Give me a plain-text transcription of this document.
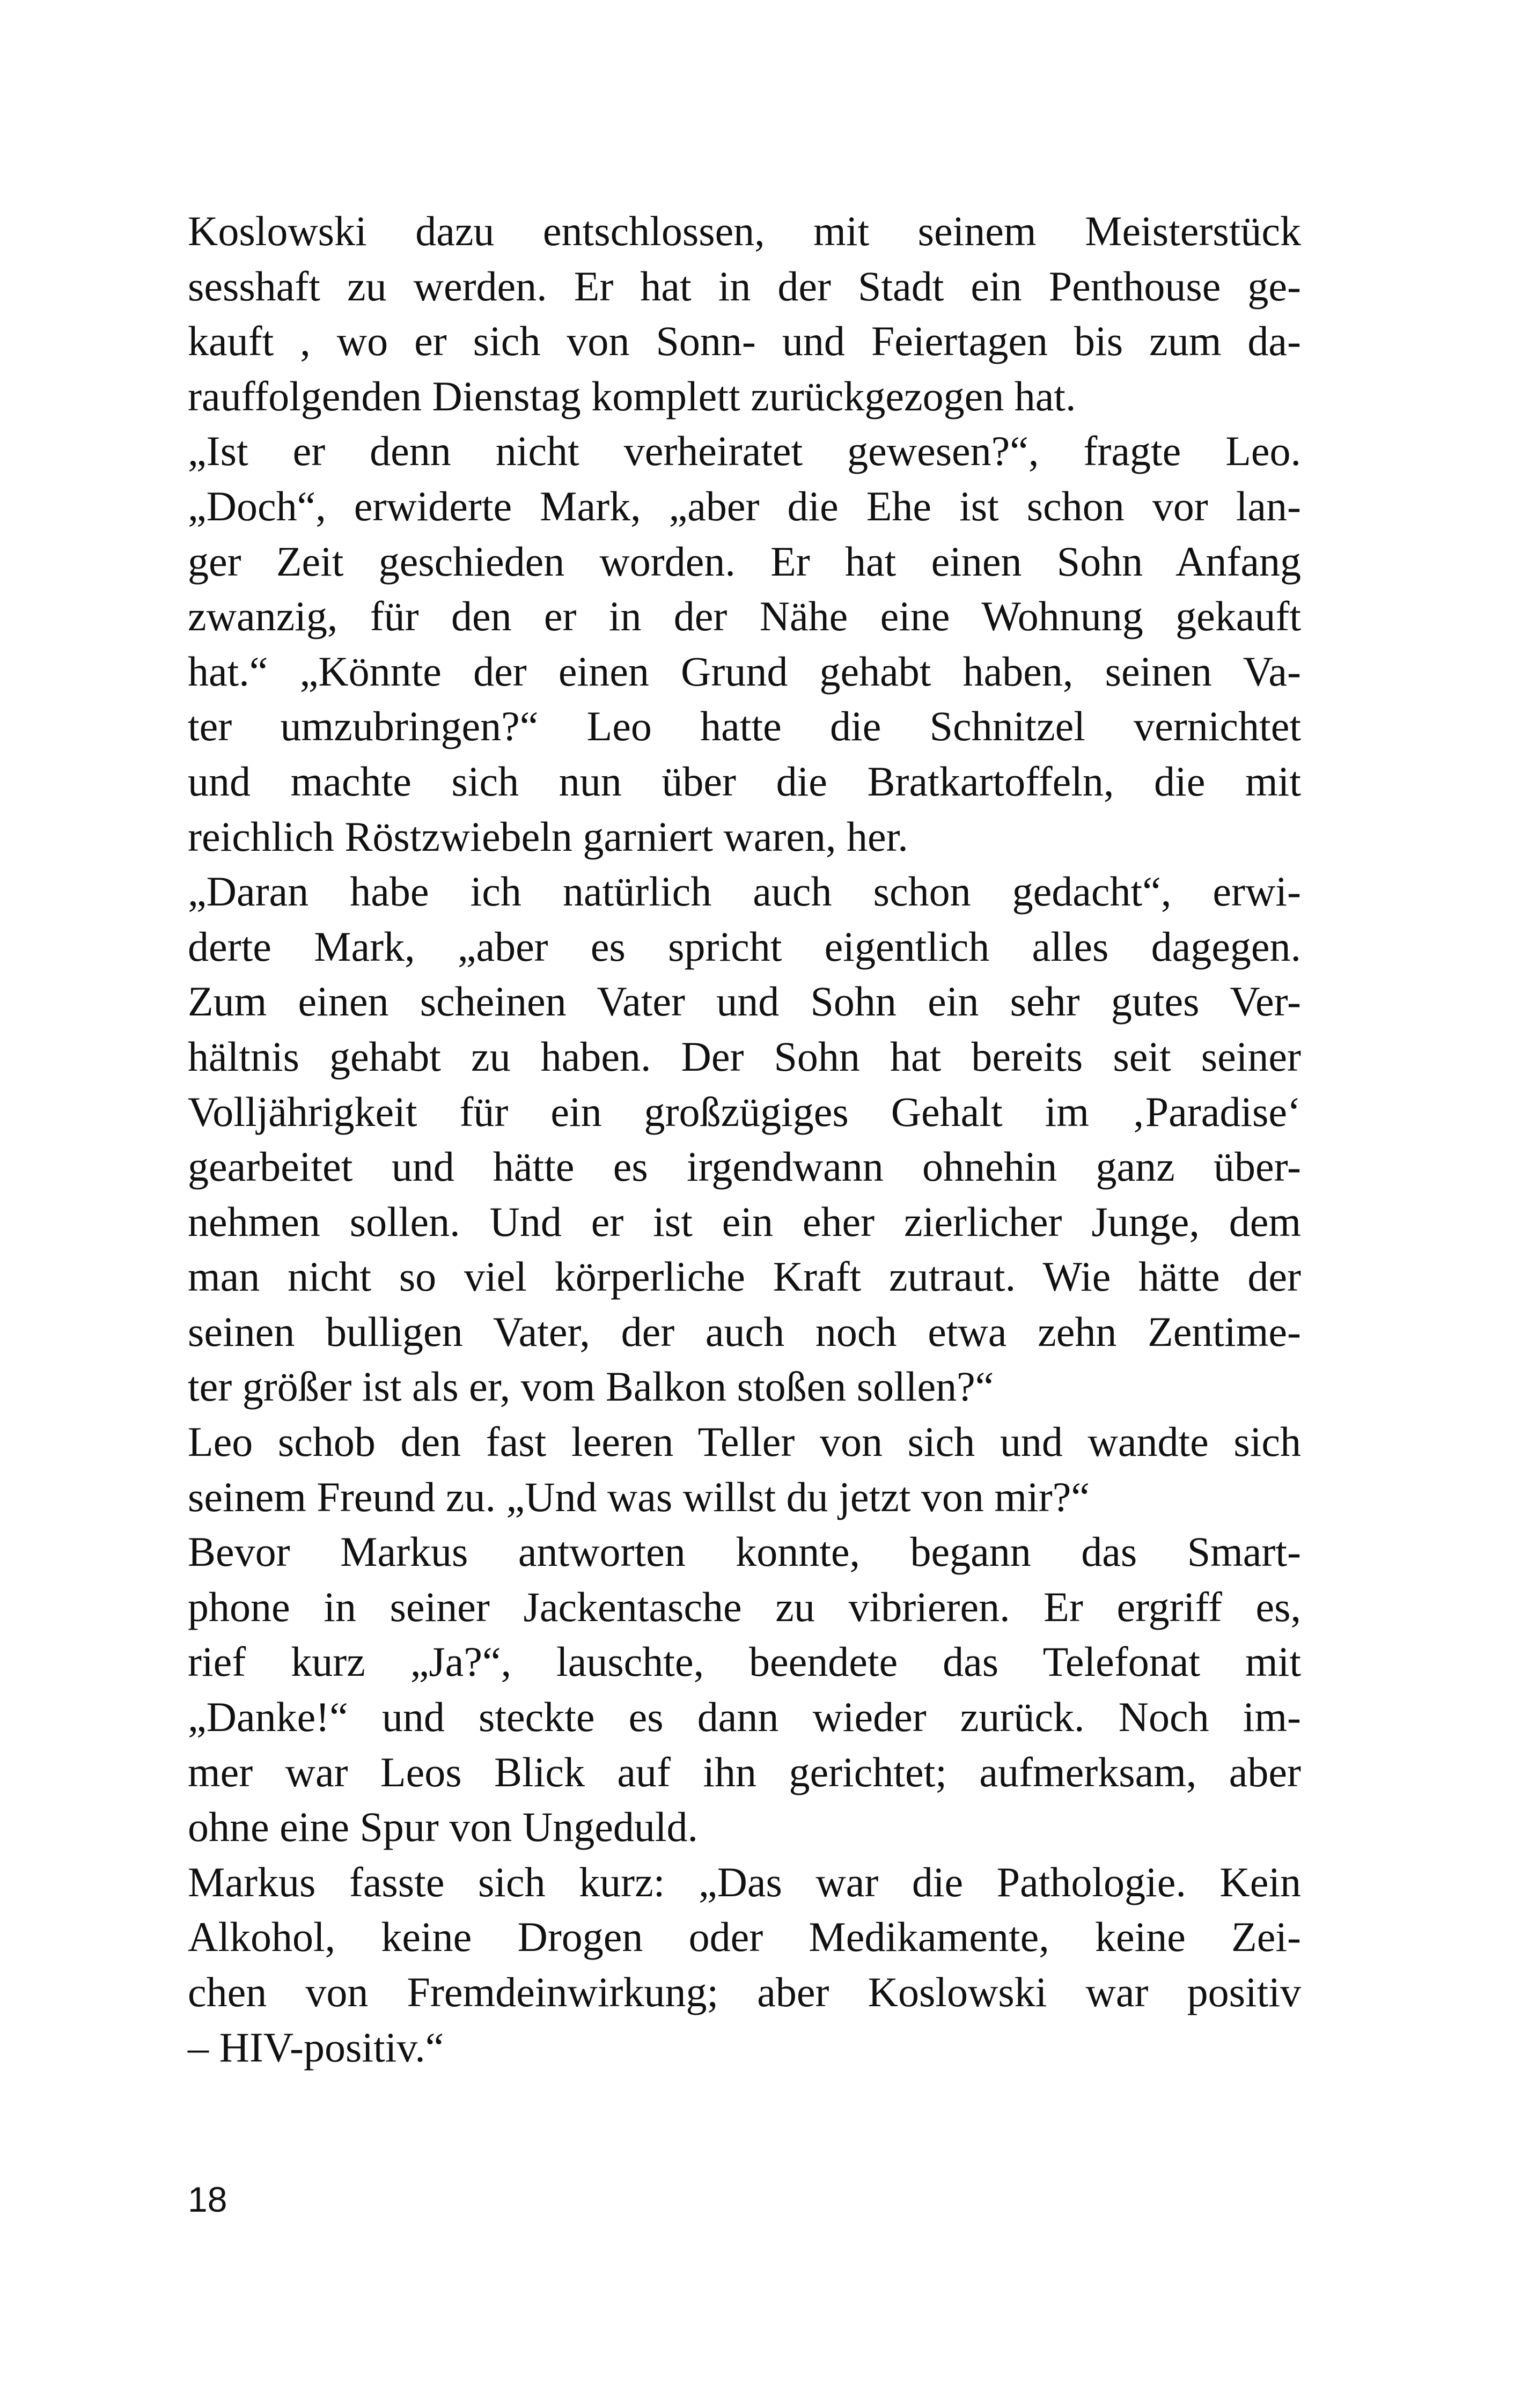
Koslowski dazu entschlossen, mit seinem Meisterstück
sesshaft zu werden. Er hat in der Stadt ein Penthouse ge-
kauft , wo er sich von Sonn- und Feiertagen bis zum da-
rauffolgenden Dienstag komplett zurückgezogen hat.
„Ist er denn nicht verheiratet gewesen?“, fragte Leo.
„Doch“, erwiderte Mark, „aber die Ehe ist schon vor lan-
ger Zeit geschieden worden. Er hat einen Sohn Anfang
zwanzig, für den er in der Nähe eine Wohnung gekauft
hat.“ „Könnte der einen Grund gehabt haben, seinen Va-
ter umzubringen?“ Leo hatte die Schnitzel vernichtet
und machte sich nun über die Bratkartoffeln, die mit
reichlich Röstzwiebeln garniert waren, her.
„Daran habe ich natürlich auch schon gedacht“, erwi-
derte Mark, „aber es spricht eigentlich alles dagegen.
Zum einen scheinen Vater und Sohn ein sehr gutes Ver-
hältnis gehabt zu haben. Der Sohn hat bereits seit seiner
Volljährigkeit für ein großzügiges Gehalt im ‚Paradise‘
gearbeitet und hätte es irgendwann ohnehin ganz über-
nehmen sollen. Und er ist ein eher zierlicher Junge, dem
man nicht so viel körperliche Kraft zutraut. Wie hätte der
seinen bulligen Vater, der auch noch etwa zehn Zentime-
ter größer ist als er, vom Balkon stoßen sollen?“
Leo schob den fast leeren Teller von sich und wandte sich
seinem Freund zu. „Und was willst du jetzt von mir?“
Bevor Markus antworten konnte, begann das Smart-
phone in seiner Jackentasche zu vibrieren. Er ergriff es,
rief kurz „Ja?“, lauschte, beendete das Telefonat mit
„Danke!“ und steckte es dann wieder zurück. Noch im-
mer war Leos Blick auf ihn gerichtet; aufmerksam, aber
ohne eine Spur von Ungeduld.
Markus fasste sich kurz: „Das war die Pathologie. Kein
Alkohol, keine Drogen oder Medikamente, keine Zei-
chen von Fremdeinwirkung; aber Koslowski war positiv
– HIV-positiv.“
18
